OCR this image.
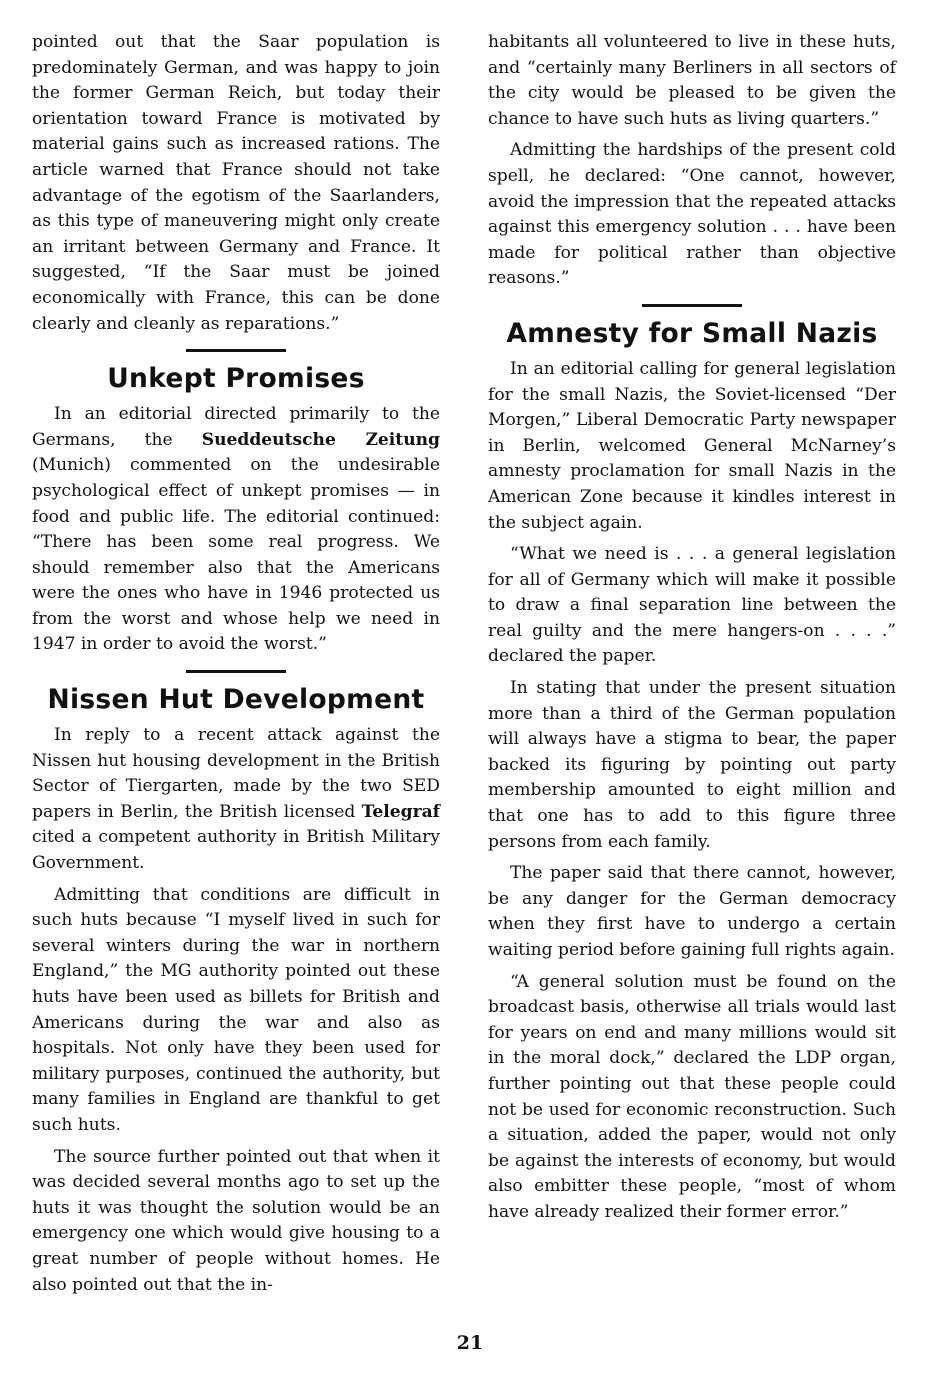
pointed out that the Saar population is predominately German, and was happy to join the former German Reich, but today their orientation toward France is motivated by material gains such as increased rations. The article warned that France should not take advantage of the egotism of the Saarlanders, as this type of maneuvering might only create an irritant between Germany and France. It suggested, “If the Saar must be joined economically with France, this can be done clearly and cleanly as reparations.”

Unkept Promises

In an editorial directed primarily to the Germans, the Sueddeutsche Zeitung (Munich) commented on the undesirable psychological effect of unkept promises — in food and public life. The editorial continued: “There has been some real progress. We should remember also that the Americans were the ones who have in 1946 protected us from the worst and whose help we need in 1947 in order to avoid the worst.”

Nissen Hut Development

In reply to a recent attack against the Nissen hut housing development in the British Sector of Tiergarten, made by the two SED papers in Berlin, the British licensed Telegraf cited a competent authority in British Military Government.

Admitting that conditions are difficult in such huts because “I myself lived in such for several winters during the war in northern England,” the MG authority pointed out these huts have been used as billets for British and Americans during the war and also as hospitals. Not only have they been used for military purposes, continued the authority, but many families in England are thankful to get such huts.

The source further pointed out that when it was decided several months ago to set up the huts it was thought the solution would be an emergency one which would give housing to a great number of people without homes. He also pointed out that the in-

habitants all volunteered to live in these huts, and “certainly many Berliners in all sectors of the city would be pleased to be given the chance to have such huts as living quarters.”

Admitting the hardships of the present cold spell, he declared: “One cannot, however, avoid the impression that the repeated attacks against this emergency solution . . . have been made for political rather than objective reasons.”

Amnesty for Small Nazis

In an editorial calling for general legislation for the small Nazis, the Soviet-licensed “Der Morgen,” Liberal Democratic Party newspaper in Berlin, welcomed General McNarney’s amnesty proclamation for small Nazis in the American Zone because it kindles interest in the subject again.

“What we need is . . . a general legislation for all of Germany which will make it possible to draw a final separation line between the real guilty and the mere hangers-on . . . .” declared the paper.

In stating that under the present situation more than a third of the German population will always have a stigma to bear, the paper backed its figuring by pointing out party membership amounted to eight million and that one has to add to this figure three persons from each family.

The paper said that there cannot, however, be any danger for the German democracy when they first have to undergo a certain waiting period before gaining full rights again.

“A general solution must be found on the broadcast basis, otherwise all trials would last for years on end and many millions would sit in the moral dock,” declared the LDP organ, further pointing out that these people could not be used for economic reconstruction. Such a situation, added the paper, would not only be against the interests of economy, but would also embitter these people, “most of whom have already realized their former error.”

21
